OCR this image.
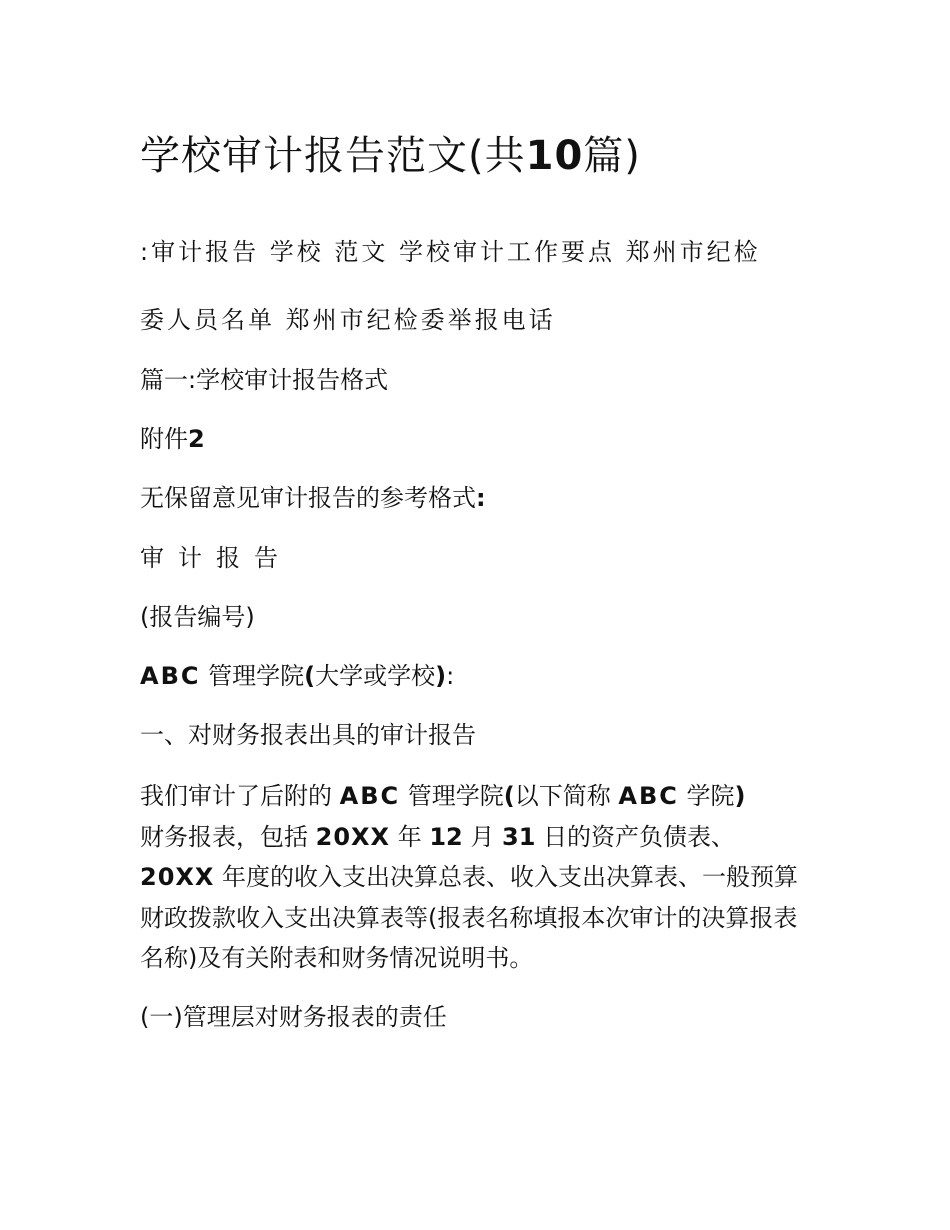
学校审计报告范文(共10篇)

:审计报告 学校 范文 学校审计工作要点 郑州市纪检

委人员名单 郑州市纪检委举报电话

篇一:学校审计报告格式

附件2

无保留意见审计报告的参考格式:

审计报告

(报告编号)

ABC 管理学院(大学或学校):

一、对财务报表出具的审计报告

我们审计了后附的 ABC 管理学院(以下简称 ABC 学院)
财务报表，包括 20XX 年 12 月 31 日的资产负债表、
20XX 年度的收入支出决算总表、收入支出决算表、一般预算财政拨款收入支出决算表等(报表名称填报本次审计的决算报表名称)及有关附表和财务情况说明书。

(一)管理层对财务报表的责任
